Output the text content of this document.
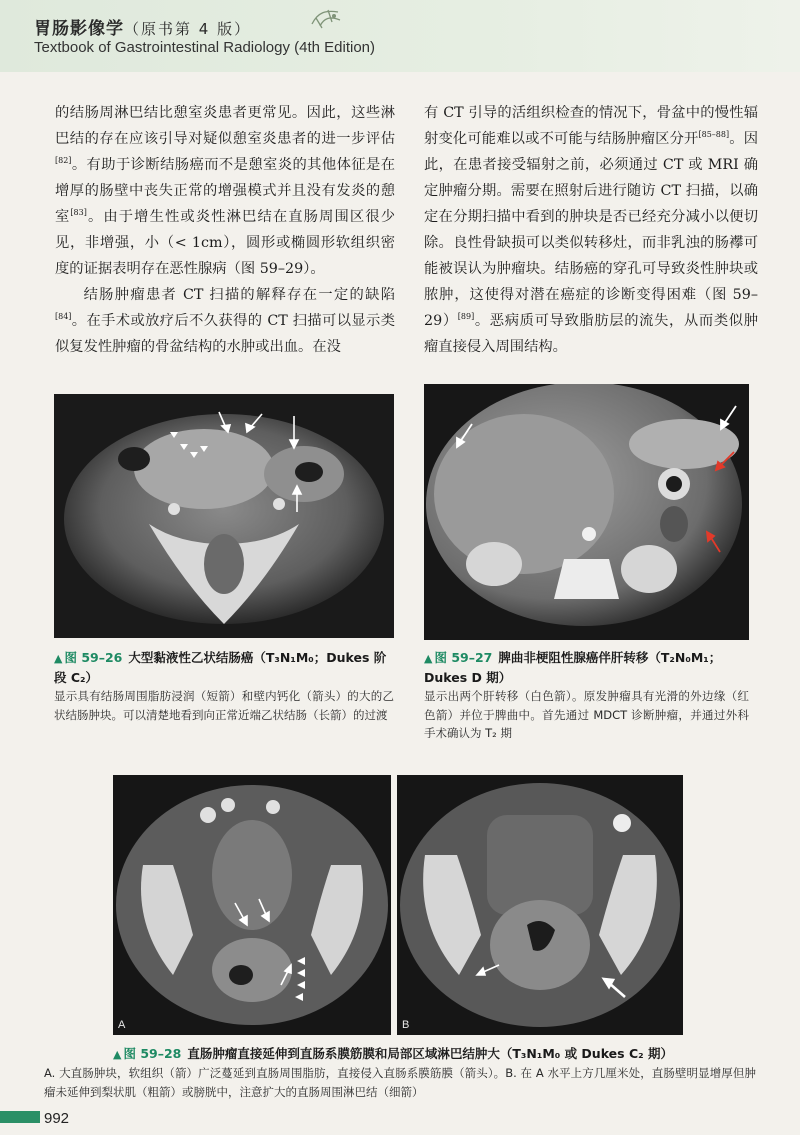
胃肠影像学（原书第 4 版）
Textbook of Gastrointestinal Radiology (4th Edition)

的结肠周淋巴结比憩室炎患者更常见。因此，这些淋巴结的存在应该引导对疑似憩室炎患者的进一步评估[82]。有助于诊断结肠癌而不是憩室炎的其他体征是在增厚的肠壁中丧失正常的增强模式并且没有发炎的憩室[83]。由于增生性或炎性淋巴结在直肠周围区很少见，非增强，小（< 1cm），圆形或椭圆形软组织密度的证据表明存在恶性腺病（图 59–29）。

结肠肿瘤患者 CT 扫描的解释存在一定的缺陷[84]。在手术或放疗后不久获得的 CT 扫描可以显示类似复发性肿瘤的骨盆结构的水肿或出血。在没

有 CT 引导的活组织检查的情况下，骨盆中的慢性辐射变化可能难以或不可能与结肠肿瘤区分开[85–88]。因此，在患者接受辐射之前，必须通过 CT 或 MRI 确定肿瘤分期。需要在照射后进行随访 CT 扫描，以确定在分期扫描中看到的肿块是否已经充分减小以便切除。良性骨缺损可以类似转移灶，而非乳浊的肠襻可能被误认为肿瘤块。结肠癌的穿孔可导致炎性肿块或脓肿，这使得对潜在癌症的诊断变得困难（图 59–29）[89]。恶病质可导致脂肪层的流失，从而类似肿瘤直接侵入周围结构。

▲ 图 59–26 大型黏液性乙状结肠癌（T₃N₁M₀；Dukes 阶段 C₂）
显示具有结肠周围脂肪浸润（短箭）和壁内钙化（箭头）的大的乙状结肠肿块。可以清楚地看到向正常近端乙状结肠（长箭）的过渡
▲ 图 59–27 脾曲非梗阻性腺癌伴肝转移（T₂N₀M₁；Dukes D 期）
显示出两个肝转移（白色箭）。原发肿瘤具有光滑的外边缘（红色箭）并位于脾曲中。首先通过 MDCT 诊断肿瘤，并通过外科手术确认为 T₂ 期
A	B
▲ 图 59–28 直肠肿瘤直接延伸到直肠系膜筋膜和局部区域淋巴结肿大（T₃N₁M₀ 或 Dukes C₂ 期）
A. 大直肠肿块，软组织（箭）广泛蔓延到直肠周围脂肪，直接侵入直肠系膜筋膜（箭头）。B. 在 A 水平上方几厘米处，直肠壁明显增厚但肿瘤未延伸到梨状肌（粗箭）或膀胱中，注意扩大的直肠周围淋巴结（细箭）
992
